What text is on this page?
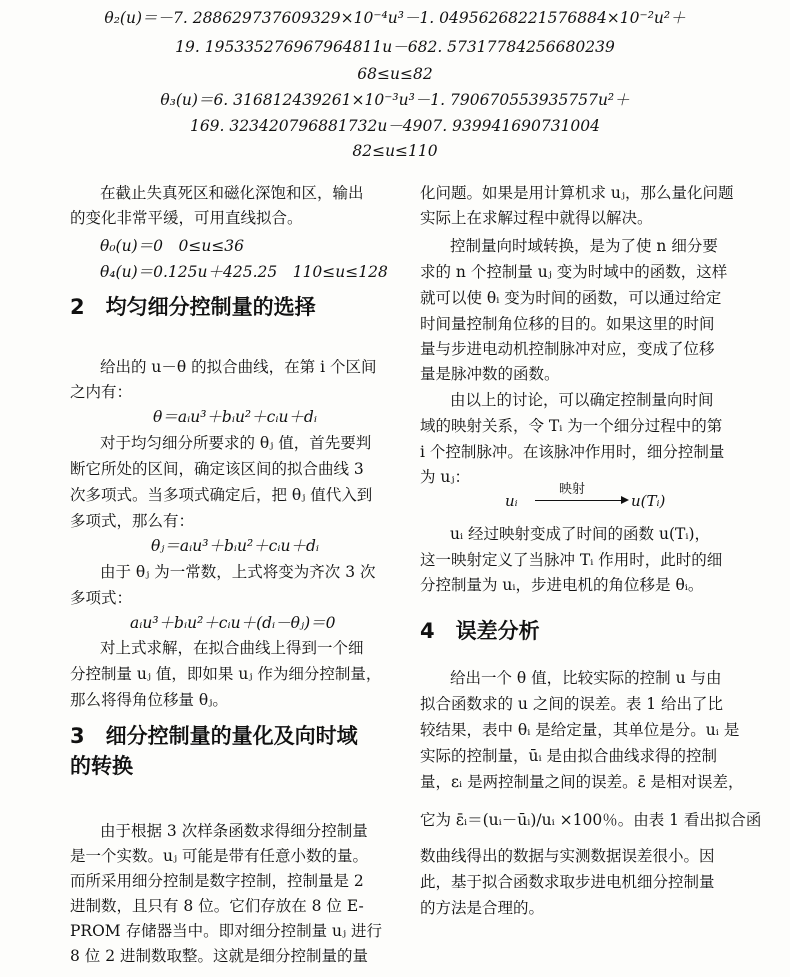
θ₂(u)＝－7. 288629737609329×10⁻⁴u³－1. 04956268221576884×10⁻²u²＋
19. 195335276967964811u－682. 57317784256680239
68≤u≤82
θ₃(u)＝6. 316812439261×10⁻³u³－1. 790670553935757u²＋
169. 323420796881732u－4907. 939941690731004
82≤u≤110
在截止失真死区和磁化深饱和区，输出
的变化非常平缓，可用直线拟合。
θ₀(u)＝0　0≤u≤36
θ₄(u)＝0.125u＋425.25　110≤u≤128
2　均匀细分控制量的选择
给出的 u－θ 的拟合曲线，在第 i 个区间
之内有：
θ＝aᵢu³＋bᵢu²＋cᵢu＋dᵢ
对于均匀细分所要求的 θⱼ 值，首先要判
断它所处的区间，确定该区间的拟合曲线 3
次多项式。当多项式确定后，把 θⱼ 值代入到
多项式，那么有：
θⱼ＝aᵢu³＋bᵢu²＋cᵢu＋dᵢ
由于 θⱼ 为一常数，上式将变为齐次 3 次
多项式：
aᵢu³＋bᵢu²＋cᵢu＋(dᵢ－θⱼ)＝0
对上式求解，在拟合曲线上得到一个细
分控制量 uⱼ 值，即如果 uⱼ 作为细分控制量，
那么将得角位移量 θⱼ。
3　细分控制量的量化及向时域
的转换
由于根据 3 次样条函数求得细分控制量
是一个实数。uⱼ 可能是带有任意小数的量。
而所采用细分控制是数字控制，控制量是 2
进制数，且只有 8 位。它们存放在 8 位 E-
PROM 存储器当中。即对细分控制量 uⱼ 进行
8 位 2 进制数取整。这就是细分控制量的量
化问题。如果是用计算机求 uⱼ，那么量化问题
实际上在求解过程中就得以解决。
控制量向时域转换，是为了使 n 细分要
求的 n 个控制量 uⱼ 变为时域中的函数，这样
就可以使 θᵢ 变为时间的函数，可以通过给定
时间量控制角位移的目的。如果这里的时间
量与步进电动机控制脉冲对应，变成了位移
量是脉冲数的函数。
由以上的讨论，可以确定控制量向时间
域的映射关系，令 Tᵢ 为一个细分过程中的第
i 个控制脉冲。在该脉冲作用时，细分控制量
为 uⱼ：
uᵢ
映射
u(Tᵢ)
uᵢ 经过映射变成了时间的函数 u(Tᵢ)，
这一映射定义了当脉冲 Tᵢ 作用时，此时的细
分控制量为 uᵢ，步进电机的角位移是 θᵢ。
4　误差分析
给出一个 θ 值，比较实际的控制 u 与由
拟合函数求的 u 之间的误差。表 1 给出了比
较结果，表中 θᵢ 是给定量，其单位是分。uᵢ 是
实际的控制量，ūᵢ 是由拟合曲线求得的控制
量，εᵢ 是两控制量之间的误差。ε̄ 是相对误差，
它为 ε̄ᵢ＝(uᵢ－ūᵢ)/uᵢ ×100％。由表 1 看出拟合函
数曲线得出的数据与实测数据误差很小。因
此，基于拟合函数求取步进电机细分控制量
的方法是合理的。
